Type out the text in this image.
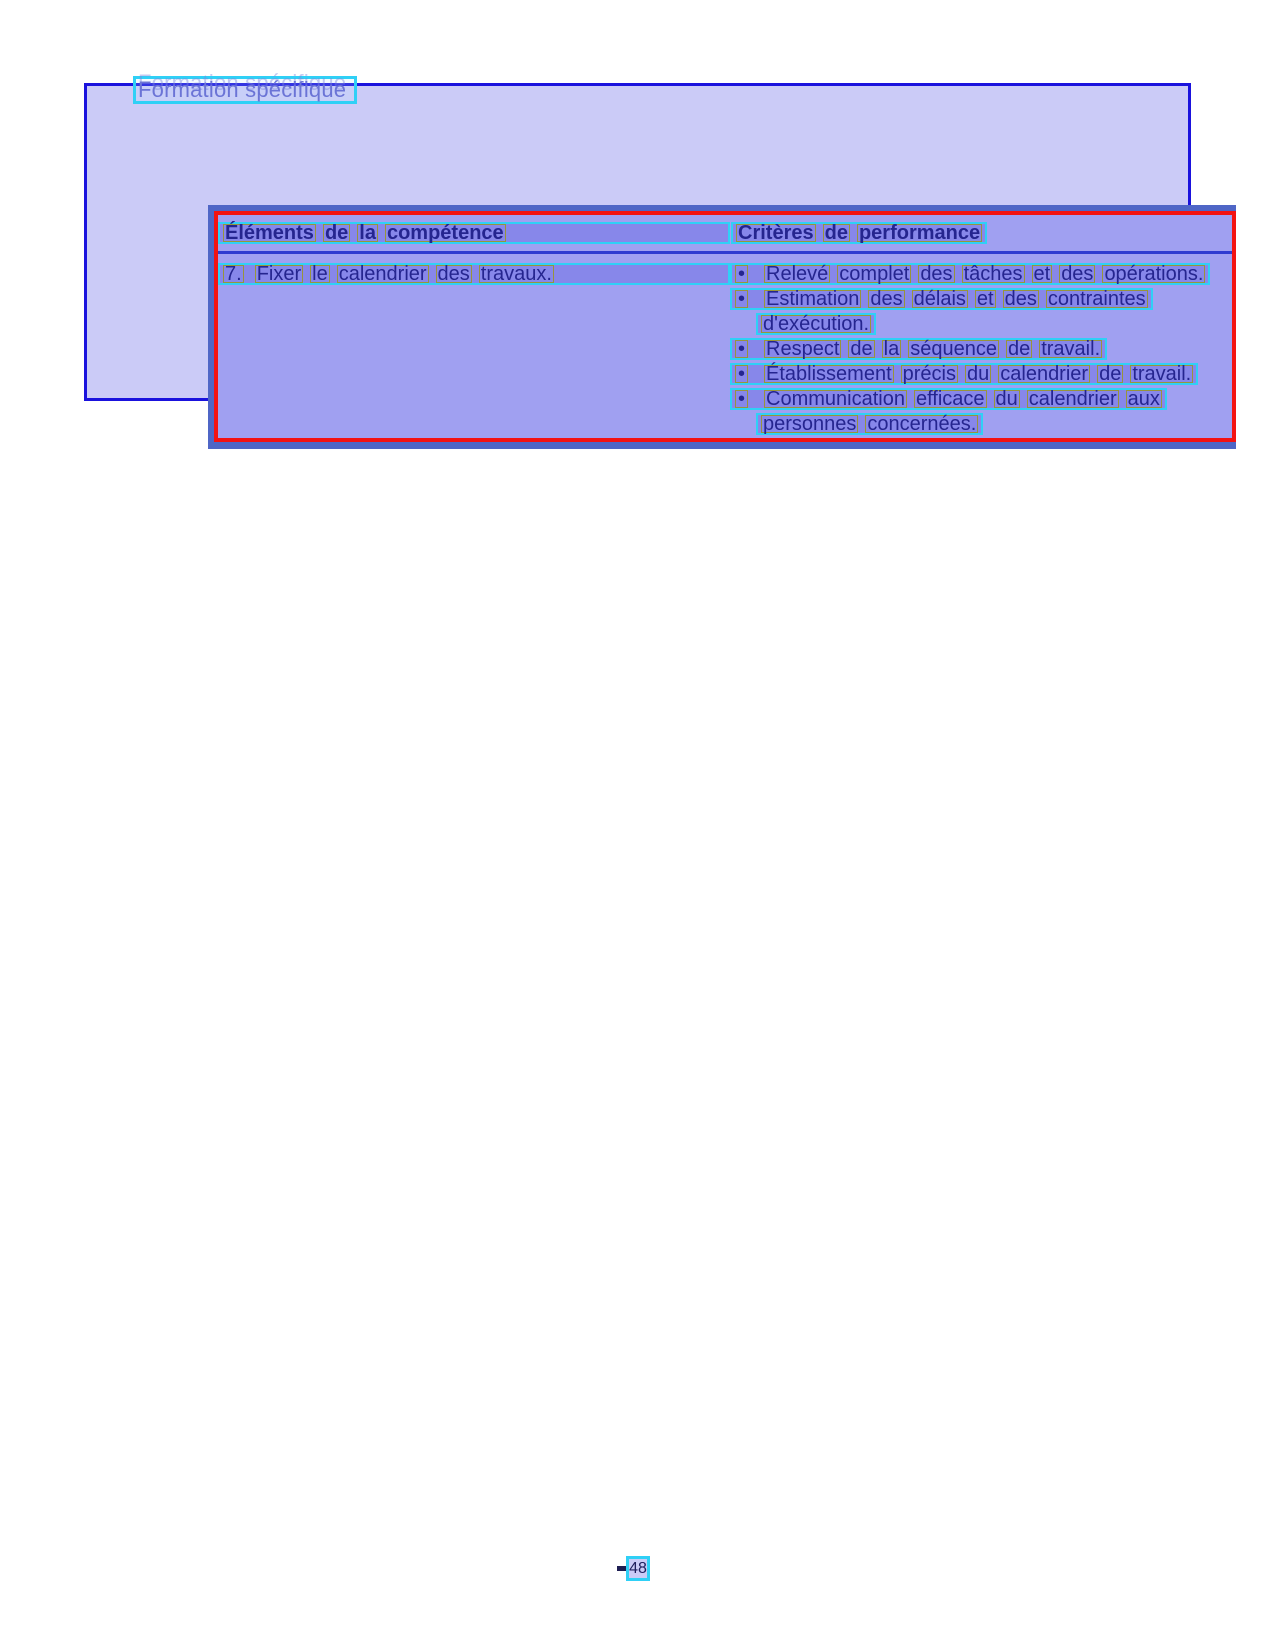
Formation spécifique
Éléments de la compétence	Critères de performance
7. Fixer le calendrier des travaux.	• Relevé complet des tâches et des opérations.
• Estimation des délais et des contraintes
d'exécution.
• Respect de la séquence de travail.
• Établissement précis du calendrier de travail.
• Communication efficace du calendrier aux
personnes concernées.
48
